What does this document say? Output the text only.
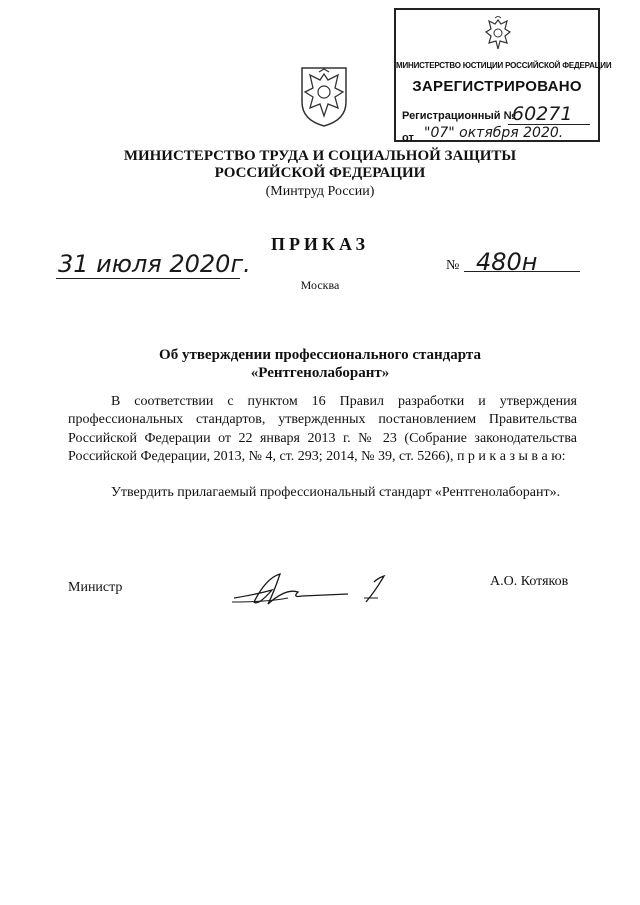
МИНИСТЕРСТВО ЮСТИЦИИ РОССИЙСКОЙ ФЕДЕРАЦИИ
ЗАРЕГИСТРИРОВАНО
Регистрационный №
60271
от "07" октября 2020.
МИНИСТЕРСТВО ТРУДА И СОЦИАЛЬНОЙ ЗАЩИТЫ
РОССИЙСКОЙ ФЕДЕРАЦИИ
(Минтруд России)
ПРИКАЗ
31 июля 2020г.	№ 480н
Москва
Об утверждении профессионального стандарта
«Рентгенолаборант»

В соответствии с пунктом 16 Правил разработки и утверждения профессиональных стандартов, утвержденных постановлением Правительства Российской Федерации от 22 января 2013 г. № 23 (Собрание законодательства Российской Федерации, 2013, № 4, ст. 293; 2014, № 39, ст. 5266), п р и к а з ы в а ю:

Утвердить прилагаемый профессиональный стандарт «Рентгенолаборант».

Министр	А.О. Котяков
